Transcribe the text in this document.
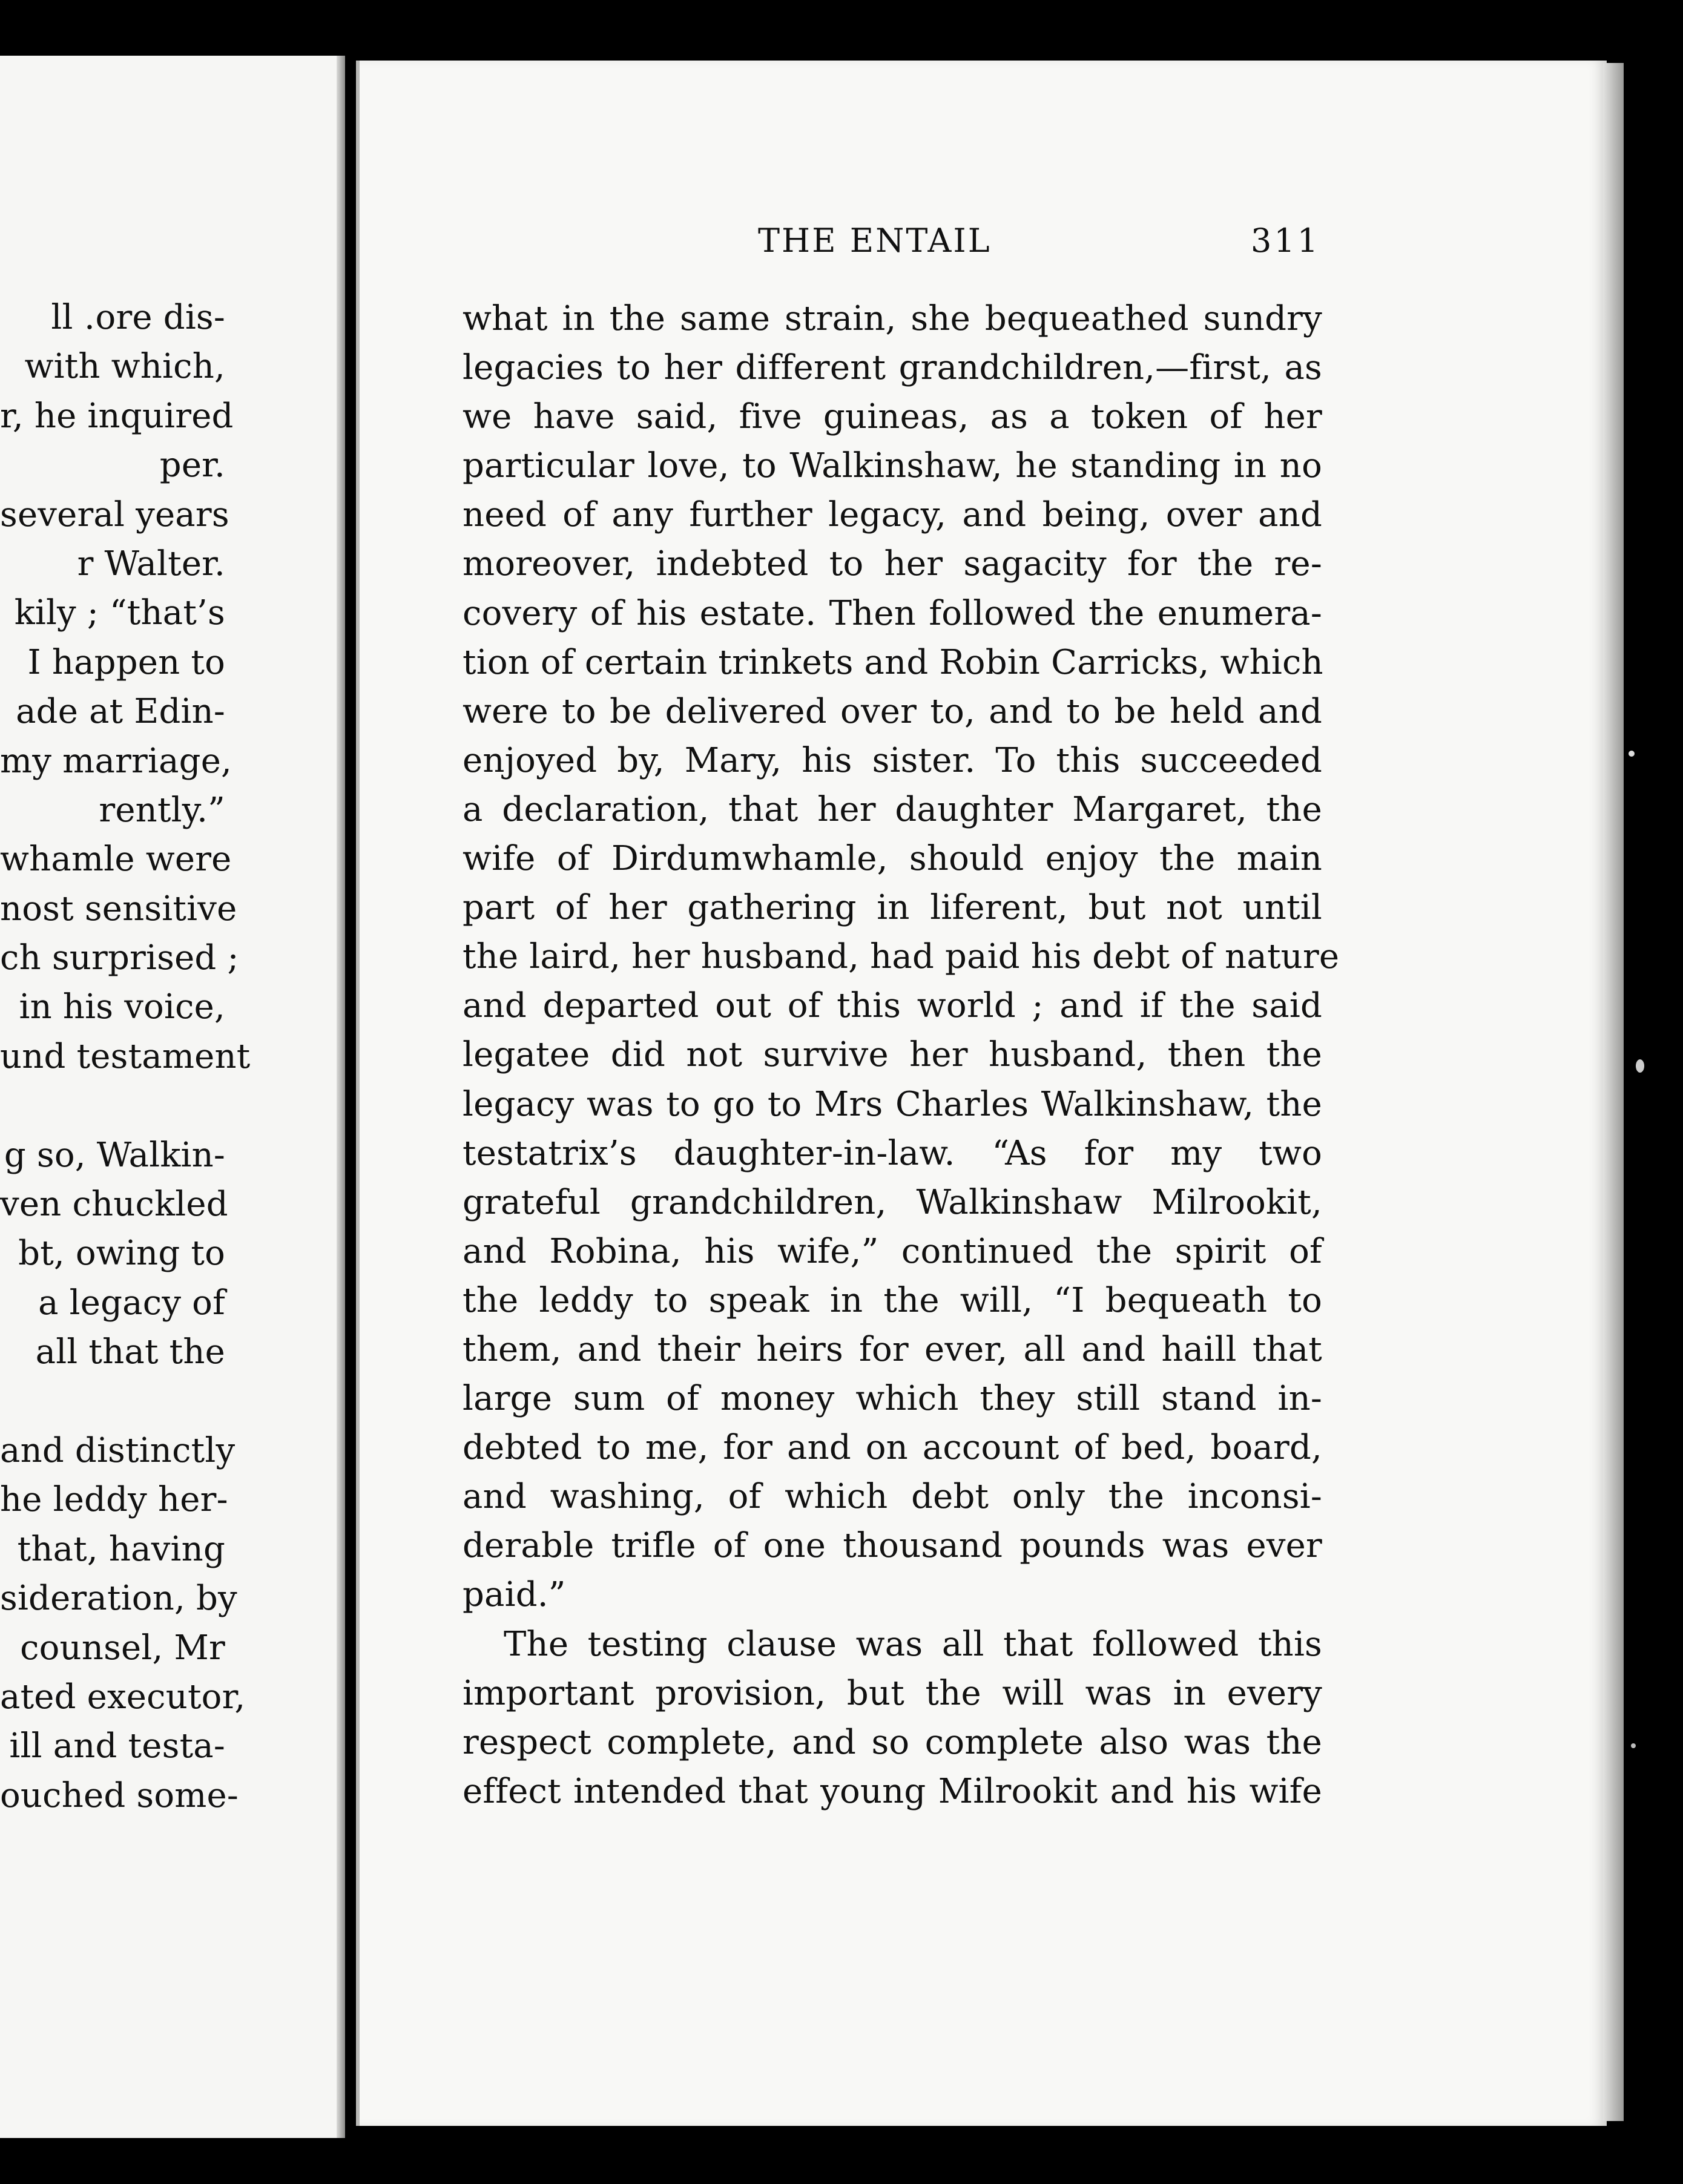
ll ․ore dis-
with which,
r, he inquired
per.
several years
r Walter.
kily ; “that’s
I happen to
ade at Edin-
my marriage,
rently.”
whamle were
nost sensitive
ch surprised ;
in his voice,
und testament
g so, Walkin-
ven chuckled
bt, owing to
a legacy of
all that the
and distinctly
he leddy her-
that, having
sideration, by
counsel, Mr
ated executor,
ill and testa-
ouched some-
THE ENTAIL	311
what in the same strain, she bequeathed sundry
legacies to her different grandchildren,—first, as
we have said, five guineas, as a token of her
particular love, to Walkinshaw, he standing in no
need of any further legacy, and being, over and
moreover, indebted to her sagacity for the re-
covery of his estate. Then followed the enumera-
tion of certain trinkets and Robin Carricks, which
were to be delivered over to, and to be held and
enjoyed by, Mary, his sister. To this succeeded
a declaration, that her daughter Margaret, the
wife of Dirdumwhamle, should enjoy the main
part of her gathering in liferent, but not until
the laird, her husband, had paid his debt of nature
and departed out of this world ; and if the said
legatee did not survive her husband, then the
legacy was to go to Mrs Charles Walkinshaw, the
testatrix’s daughter-in-law. “As for my two
grateful grandchildren, Walkinshaw Milrookit,
and Robina, his wife,” continued the spirit of
the leddy to speak in the will, “I bequeath to
them, and their heirs for ever, all and haill that
large sum of money which they still stand in-
debted to me, for and on account of bed, board,
and washing, of which debt only the inconsi-
derable trifle of one thousand pounds was ever
paid.”
The testing clause was all that followed this
important provision, but the will was in every
respect complete, and so complete also was the
effect intended that young Milrookit and his wife
